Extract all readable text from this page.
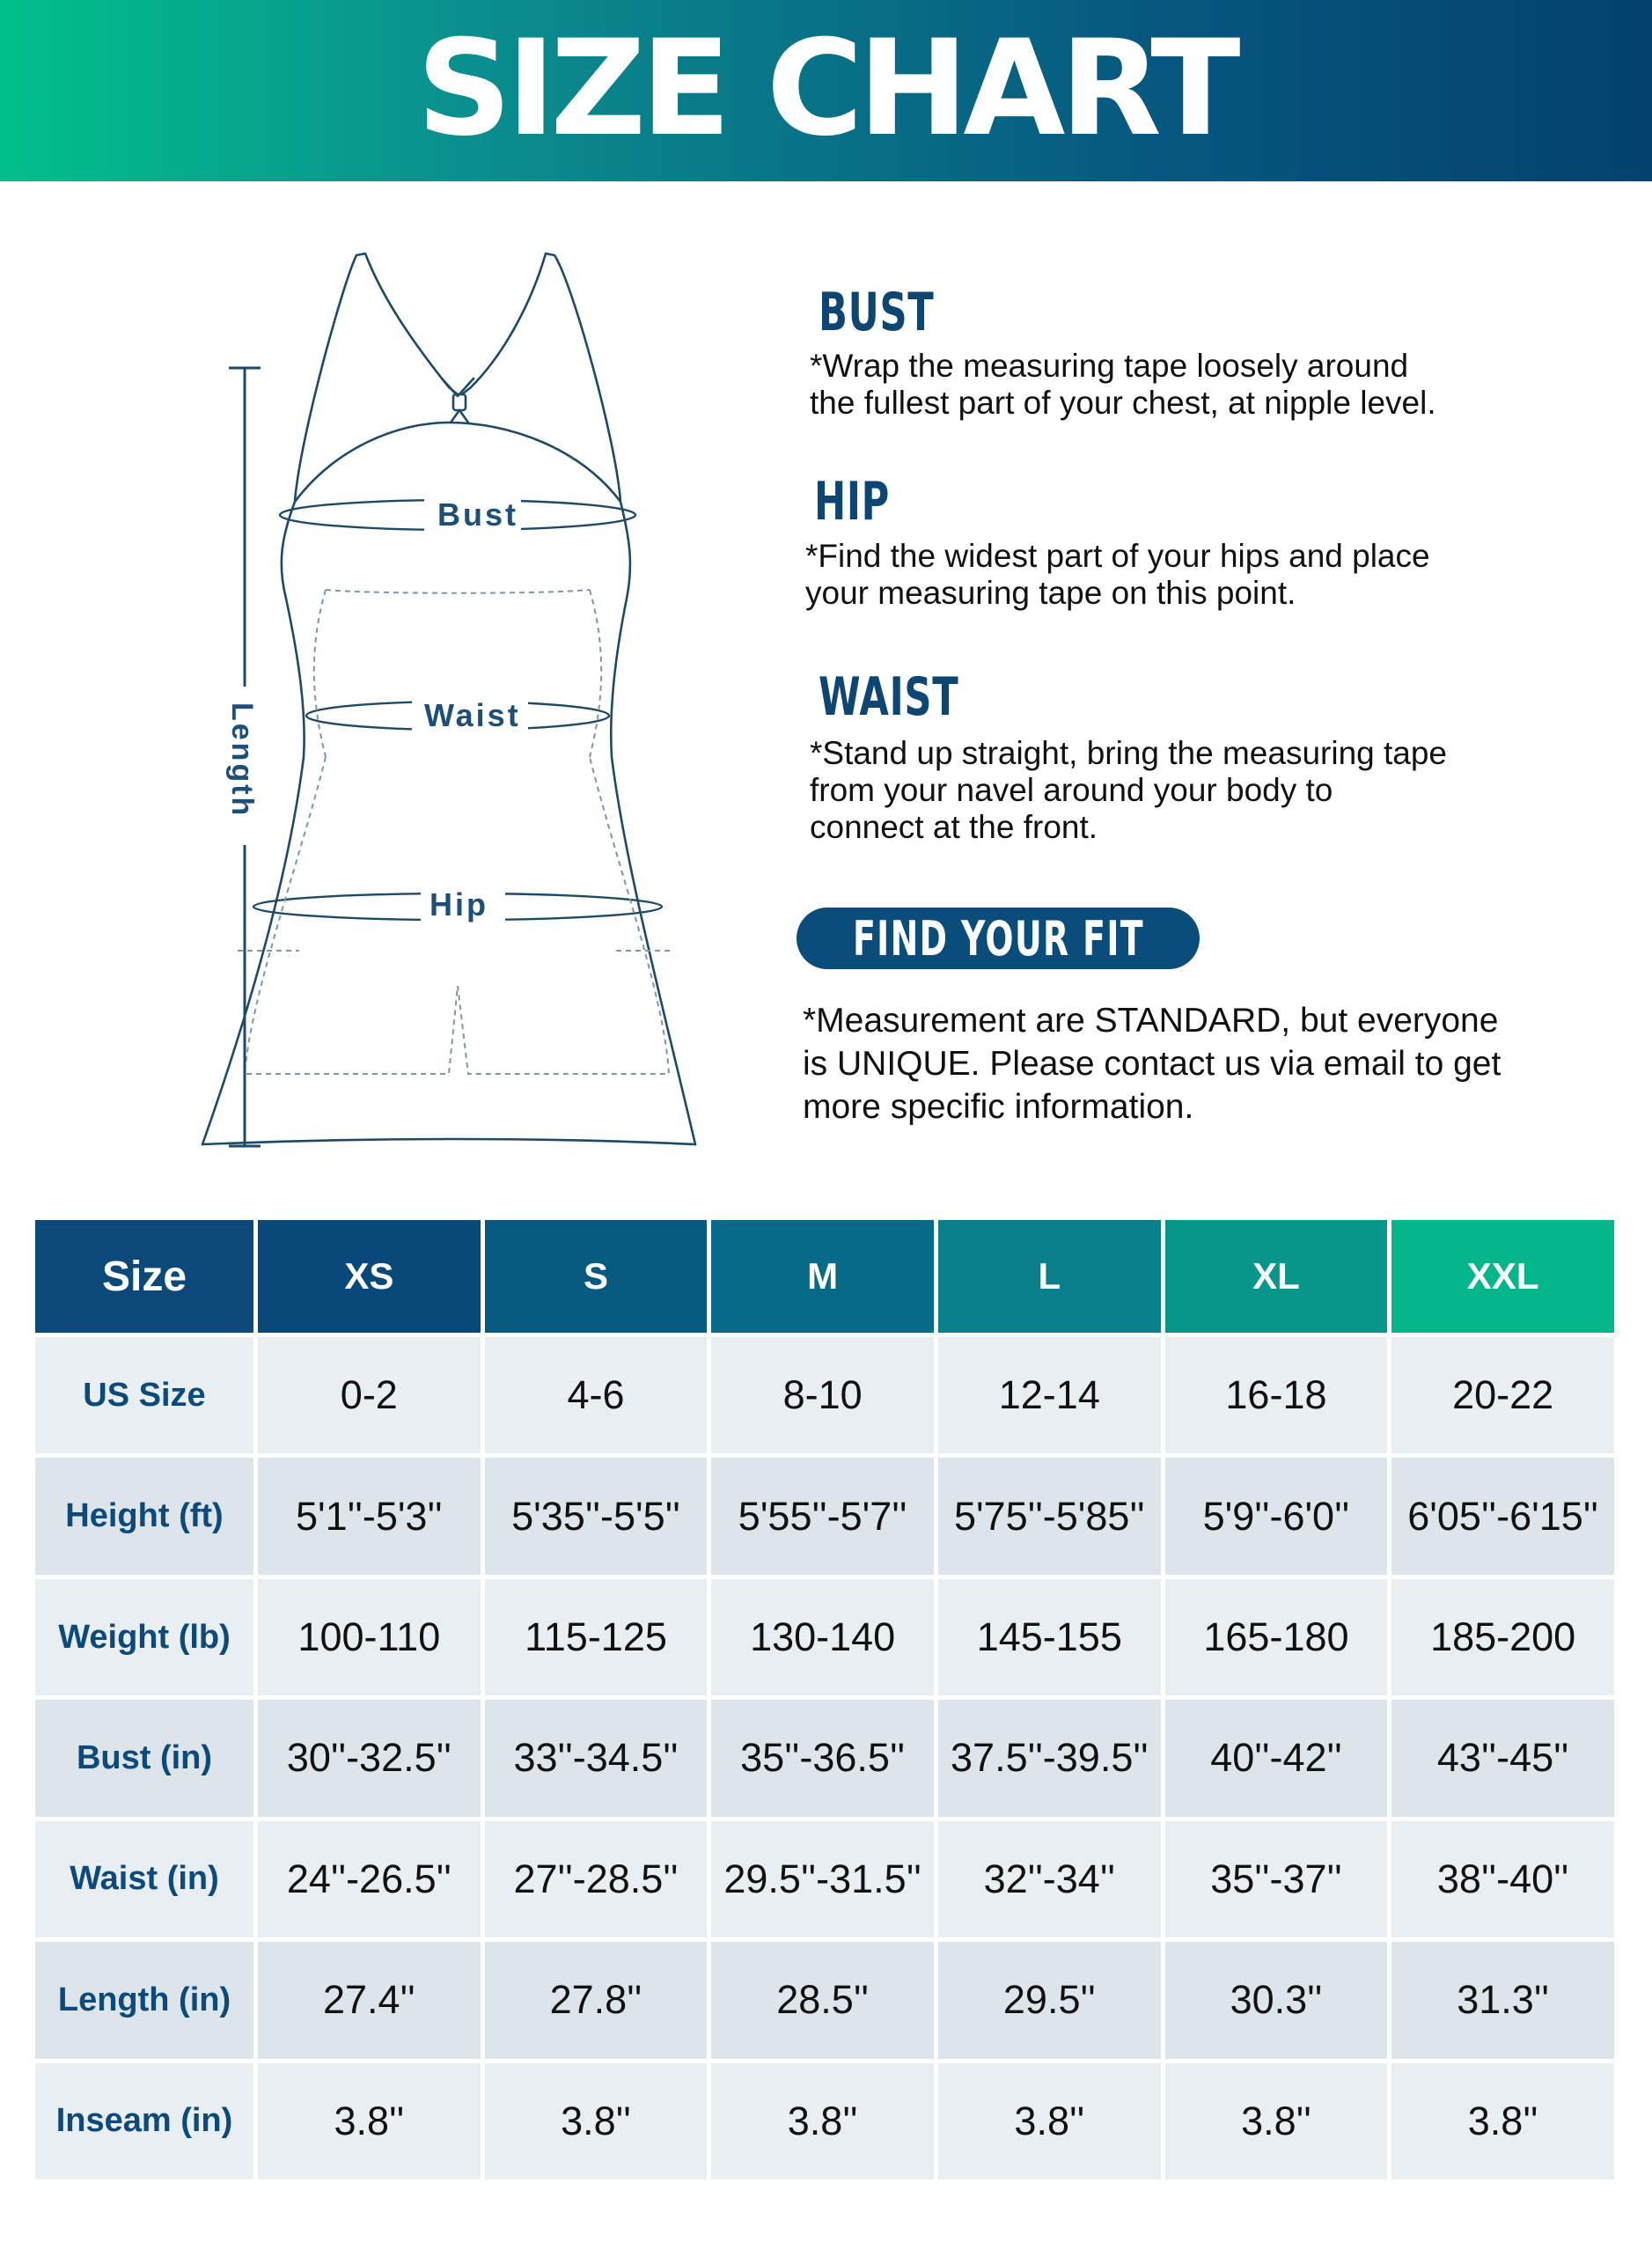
SIZE CHART
Bust
Waist
Hip
Length
BUST
*Wrap the measuring tape loosely around
the fullest part of your chest, at nipple level.
HIP
*Find the widest part of your hips and place
your measuring tape on this point.
WAIST
*Stand up straight, bring the measuring tape
from your navel around your body to
connect at the front.
FIND YOUR FIT
*Measurement are STANDARD, but everyone
is UNIQUE. Please contact us via email to get
more specific information.
Size	XS	S	M	L	XL	XXL
US Size	0-2	4-6	8-10	12-14	16-18	20-22
Height (ft)	5'1''-5'3''	5'35''-5'5''	5'55''-5'7''	5'75''-5'85''	5'9''-6'0''	6'05''-6'15''
Weight (lb)	100-110	115-125	130-140	145-155	165-180	185-200
Bust (in)	30''-32.5''	33''-34.5''	35''-36.5''	37.5''-39.5''	40''-42''	43''-45''
Waist (in)	24''-26.5''	27''-28.5''	29.5''-31.5''	32''-34''	35''-37''	38''-40''
Length (in)	27.4''	27.8''	28.5''	29.5''	30.3''	31.3''
Inseam (in)	3.8''	3.8''	3.8''	3.8''	3.8''	3.8''
